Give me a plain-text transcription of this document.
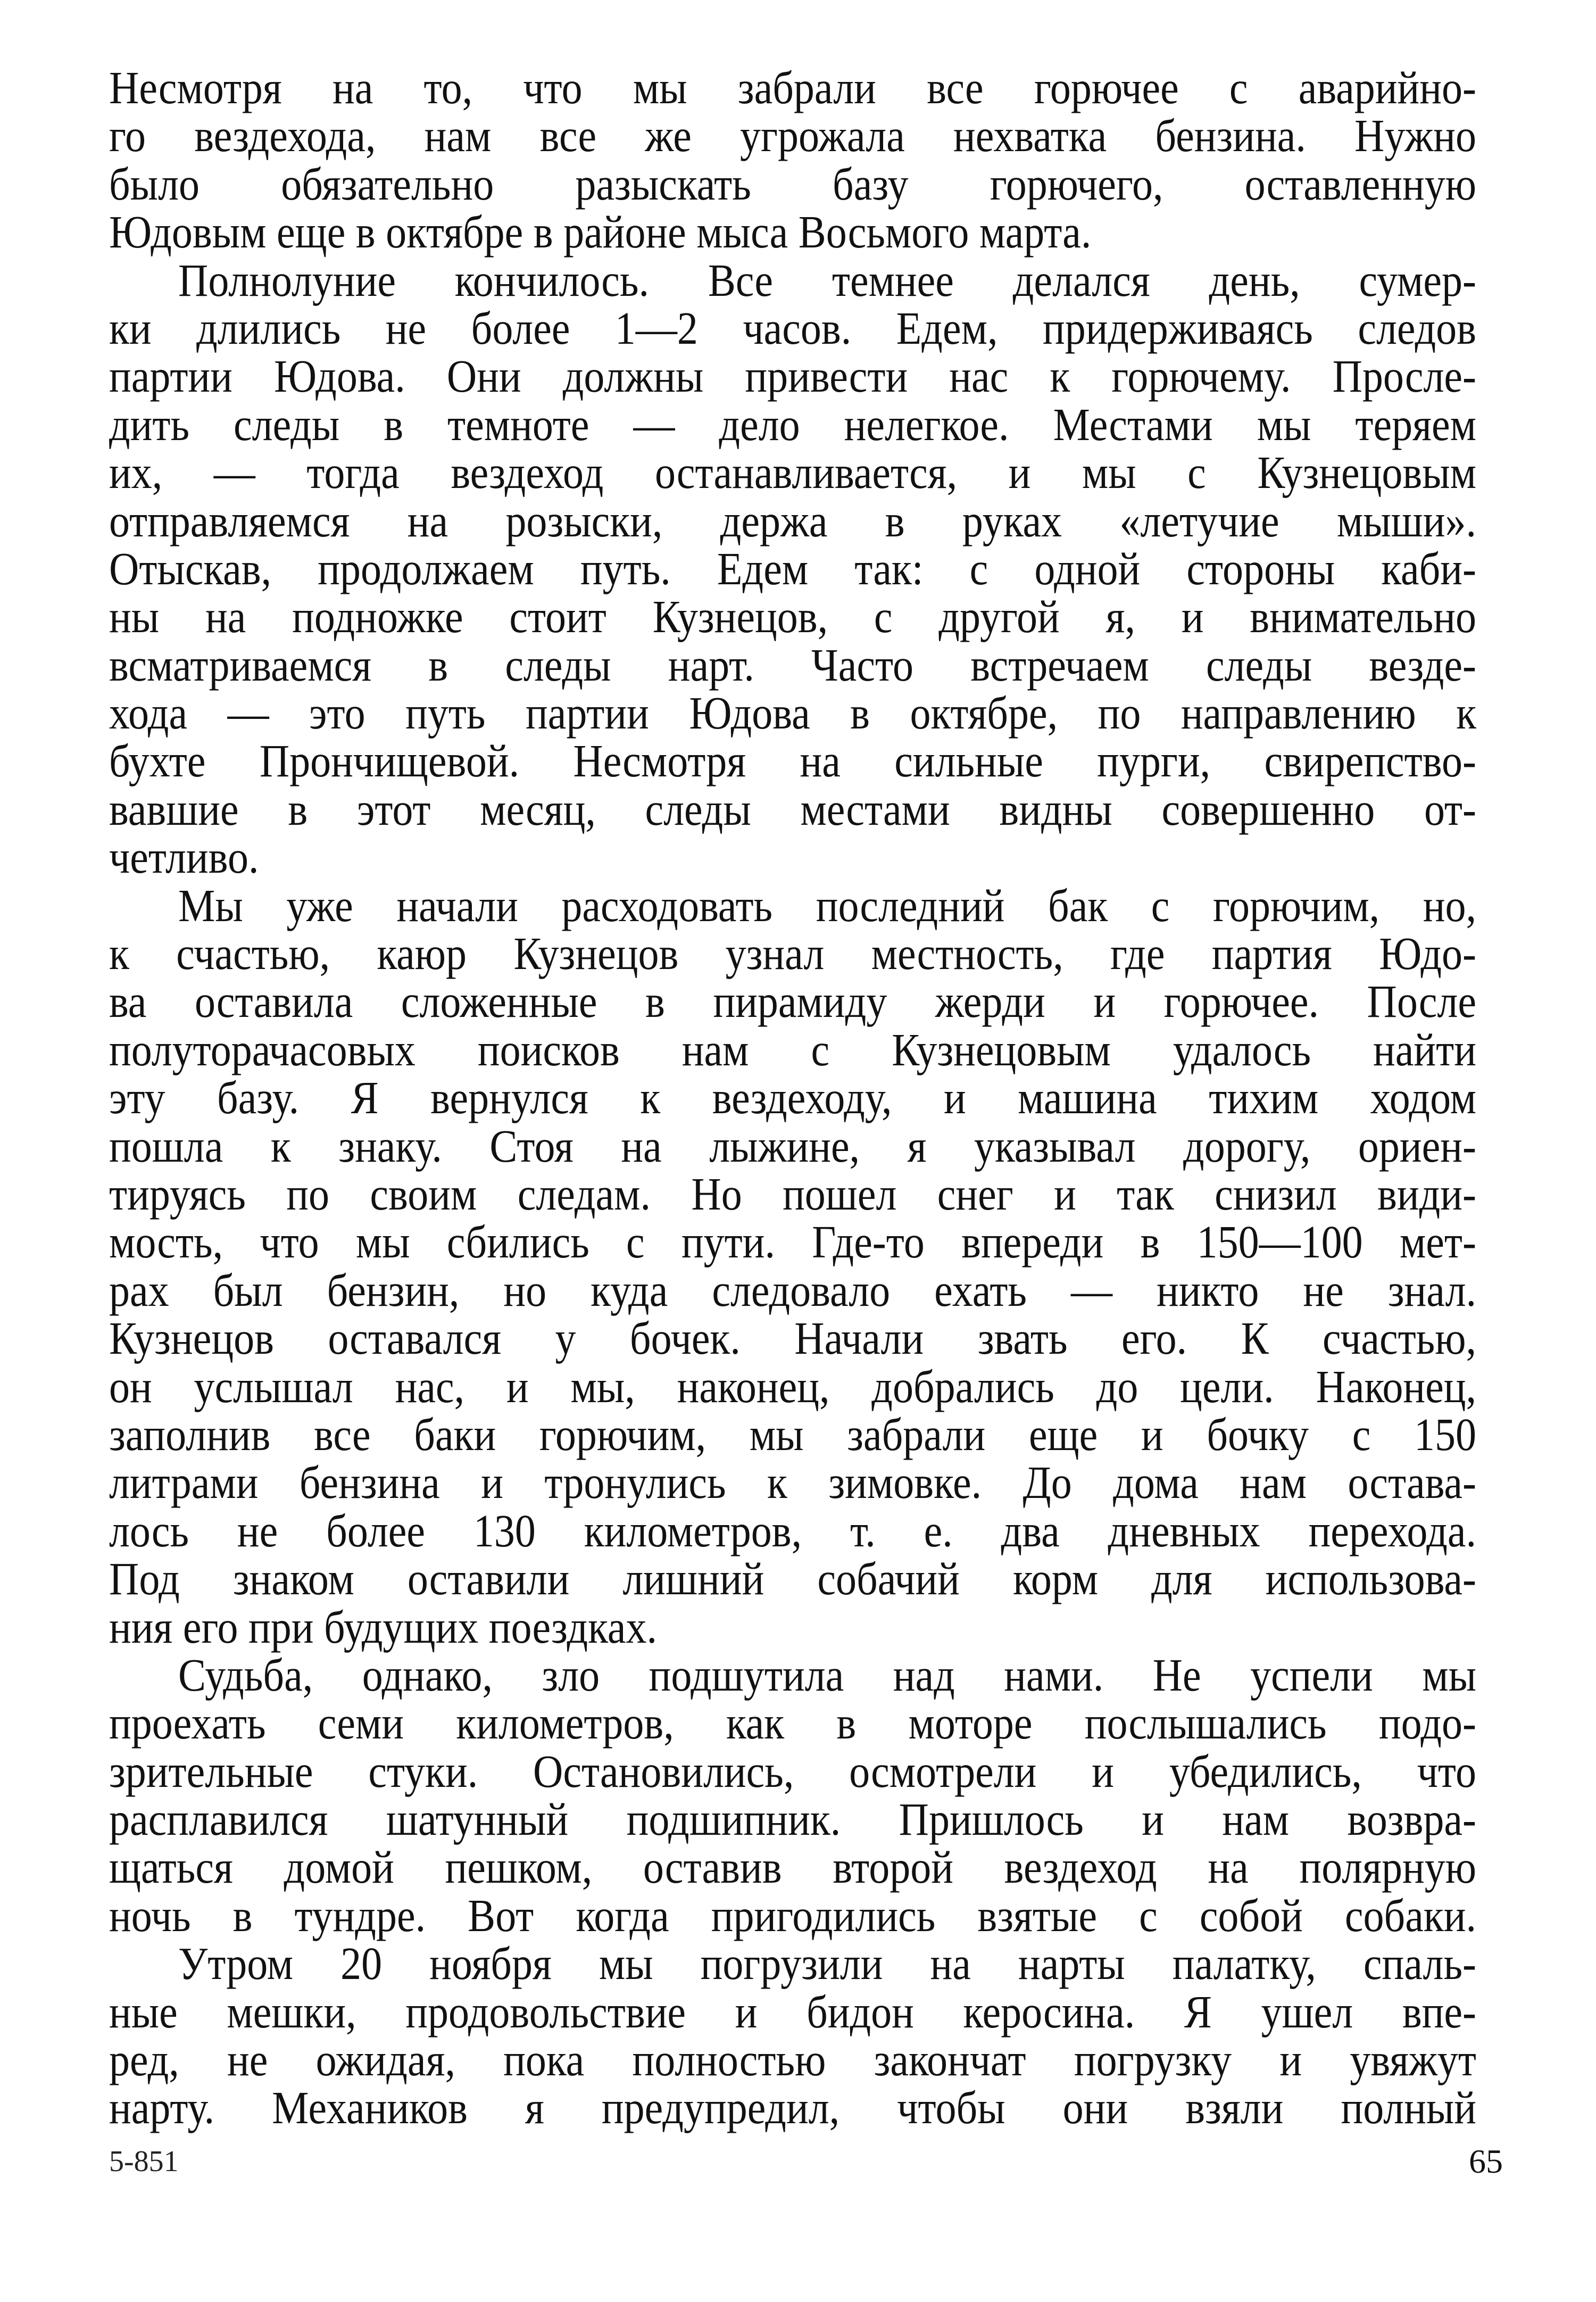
Несмотря на то, что мы забрали все горючее с аварийно-
го вездехода, нам все же угрожала нехватка бензина. Нужно
было обязательно разыскать базу горючего, оставленную
Юдовым еще в октябре в районе мыса Восьмого марта.
Полнолуние кончилось. Все темнее делался день, сумер-
ки длились не более 1—2 часов. Едем, придерживаясь следов
партии Юдова. Они должны привести нас к горючему. Просле-
дить следы в темноте — дело нелегкое. Местами мы теряем
их, — тогда вездеход останавливается, и мы с Кузнецовым
отправляемся на розыски, держа в руках «летучие мыши».
Отыскав, продолжаем путь. Едем так: с одной стороны каби-
ны на подножке стоит Кузнецов, с другой я, и внимательно
всматриваемся в следы нарт. Часто встречаем следы везде-
хода — это путь партии Юдова в октябре, по направлению к
бухте Прончищевой. Несмотря на сильные пурги, свирепство-
вавшие в этот месяц, следы местами видны совершенно от-
четливо.
Мы уже начали расходовать последний бак с горючим, но,
к счастью, каюр Кузнецов узнал местность, где партия Юдо-
ва оставила сложенные в пирамиду жерди и горючее. После
полуторачасовых поисков нам с Кузнецовым удалось найти
эту базу. Я вернулся к вездеходу, и машина тихим ходом
пошла к знаку. Стоя на лыжине, я указывал дорогу, ориен-
тируясь по своим следам. Но пошел снег и так снизил види-
мость, что мы сбились с пути. Где-то впереди в 150—100 мет-
рах был бензин, но куда следовало ехать — никто не знал.
Кузнецов оставался у бочек. Начали звать его. К счастью,
он услышал нас, и мы, наконец, добрались до цели. Наконец,
заполнив все баки горючим, мы забрали еще и бочку с 150
литрами бензина и тронулись к зимовке. До дома нам остава-
лось не более 130 километров, т. е. два дневных перехода.
Под знаком оставили лишний собачий корм для использова-
ния его при будущих поездках.
Судьба, однако, зло подшутила над нами. Не успели мы
проехать семи километров, как в моторе послышались подо-
зрительные стуки. Остановились, осмотрели и убедились, что
расплавился шатунный подшипник. Пришлось и нам возвра-
щаться домой пешком, оставив второй вездеход на полярную
ночь в тундре. Вот когда пригодились взятые с собой собаки.
Утром 20 ноября мы погрузили на нарты палатку, спаль-
ные мешки, продовольствие и бидон керосина. Я ушел впе-
ред, не ожидая, пока полностью закончат погрузку и увяжут
нарту. Механиков я предупредил, чтобы они взяли полный
5-851	65
